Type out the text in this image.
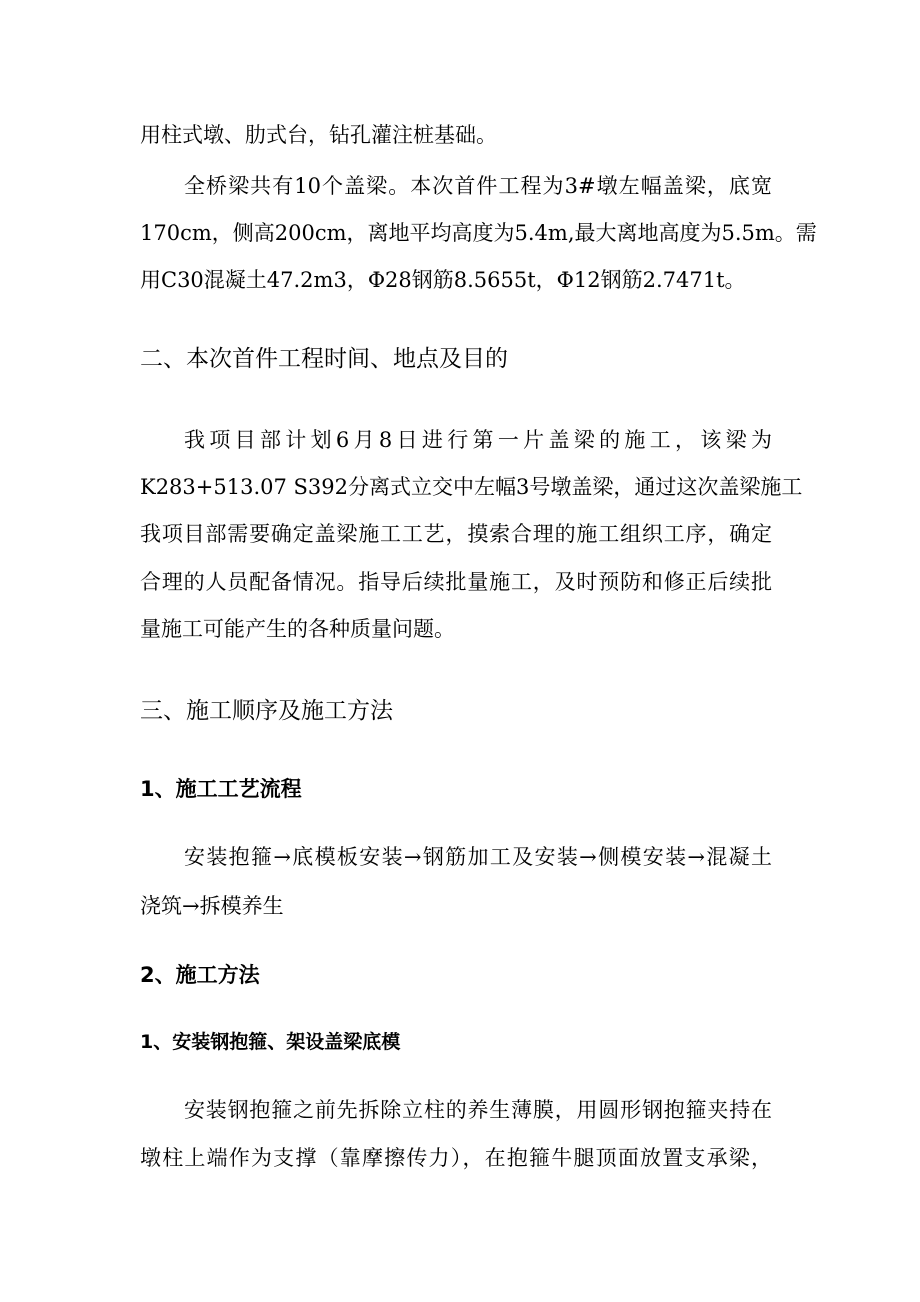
用柱式墩、肋式台，钻孔灌注桩基础。
全桥梁共有10个盖梁。本次首件工程为3#墩左幅盖梁，底宽
170cm，侧高200cm，离地平均高度为5.4m,最大离地高度为5.5m。需
用C30混凝土47.2m3，Φ28钢筋8.5655t，Φ12钢筋2.7471t。
二、本次首件工程时间、地点及目的
我项目部计划6月8日进行第一片盖梁的施工，该梁为
K283+513.07 S392分离式立交中左幅3号墩盖梁，通过这次盖梁施工
我项目部需要确定盖梁施工工艺，摸索合理的施工组织工序，确定
合理的人员配备情况。指导后续批量施工，及时预防和修正后续批
量施工可能产生的各种质量问题。
三、施工顺序及施工方法
1、施工工艺流程
安装抱箍→底模板安装→钢筋加工及安装→侧模安装→混凝土
浇筑→拆模养生
2、施工方法
1、安装钢抱箍、架设盖梁底模
安装钢抱箍之前先拆除立柱的养生薄膜，用圆形钢抱箍夹持在
墩柱上端作为支撑（靠摩擦传力），在抱箍牛腿顶面放置支承梁，
